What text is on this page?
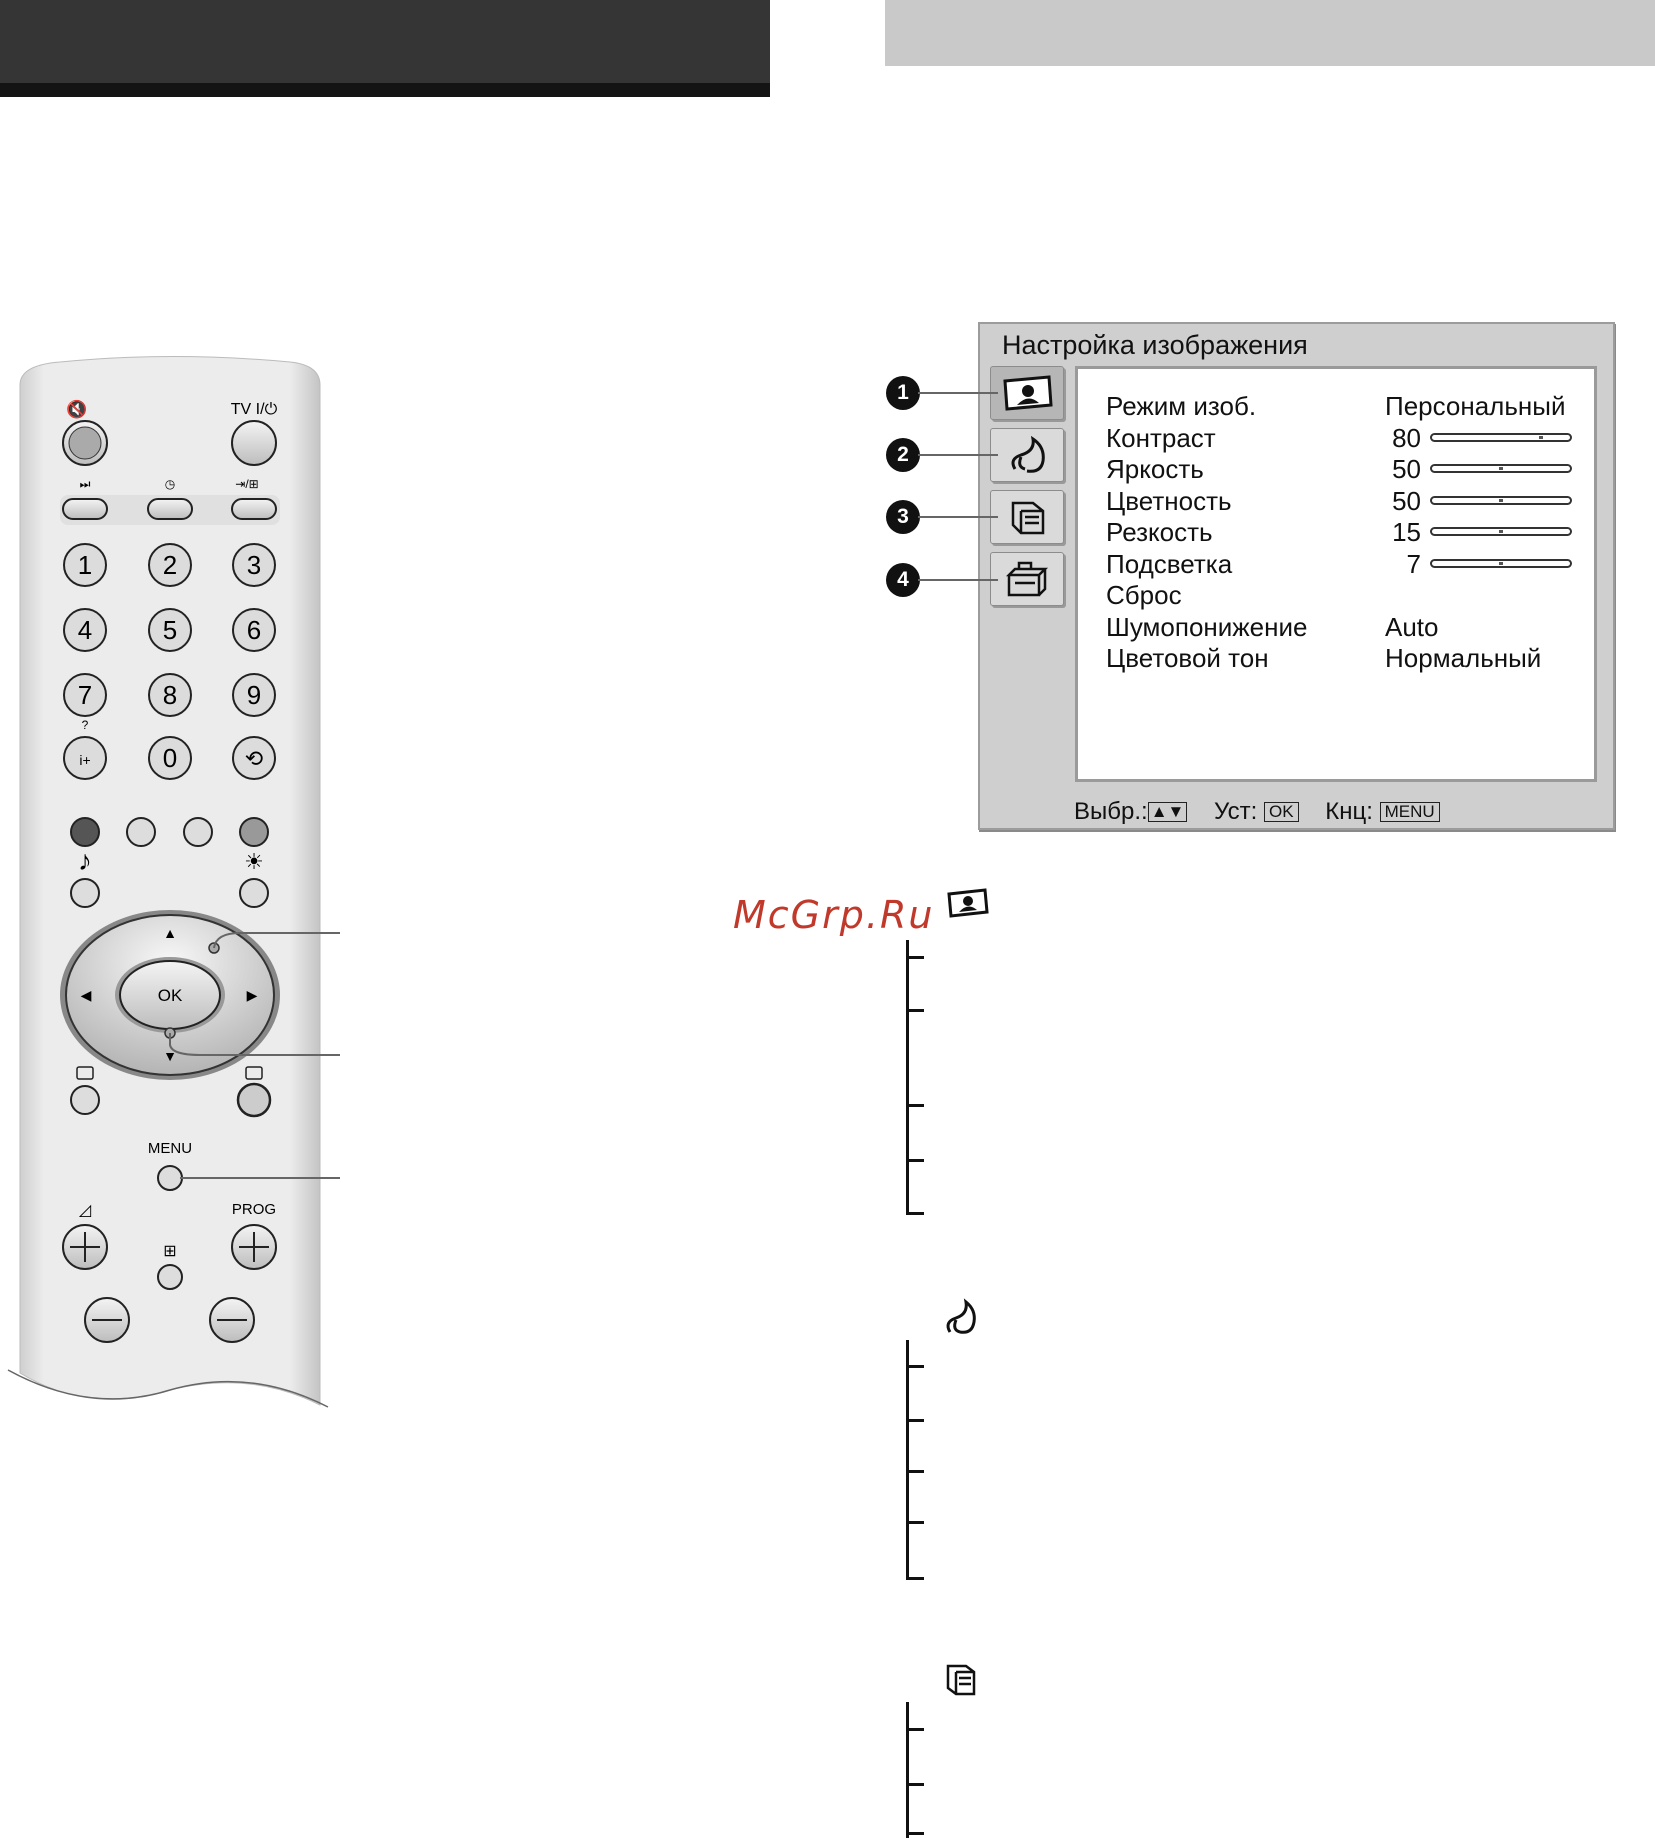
🔇	TV I/⏻
⏭	◷	⇥/⊞
1	2	3
4	5	6
7	8	9
i+	0	⟲
?
♪	☀
OK
▲
▼
◀	▶
MENU
◿	PROG
⊞
Настройка изображения
Режим изоб.	Персональный
Контраст	80
Яркость	50
Цветность	50
Резкость	15
Подсветка	7
Сброс
Шумопонижение	Auto
Цветовой тон	Нормальный
Выбр.: ▲▼ Уст: OK Кнц: MENU
1
2
3
4
McGrp.Ru
